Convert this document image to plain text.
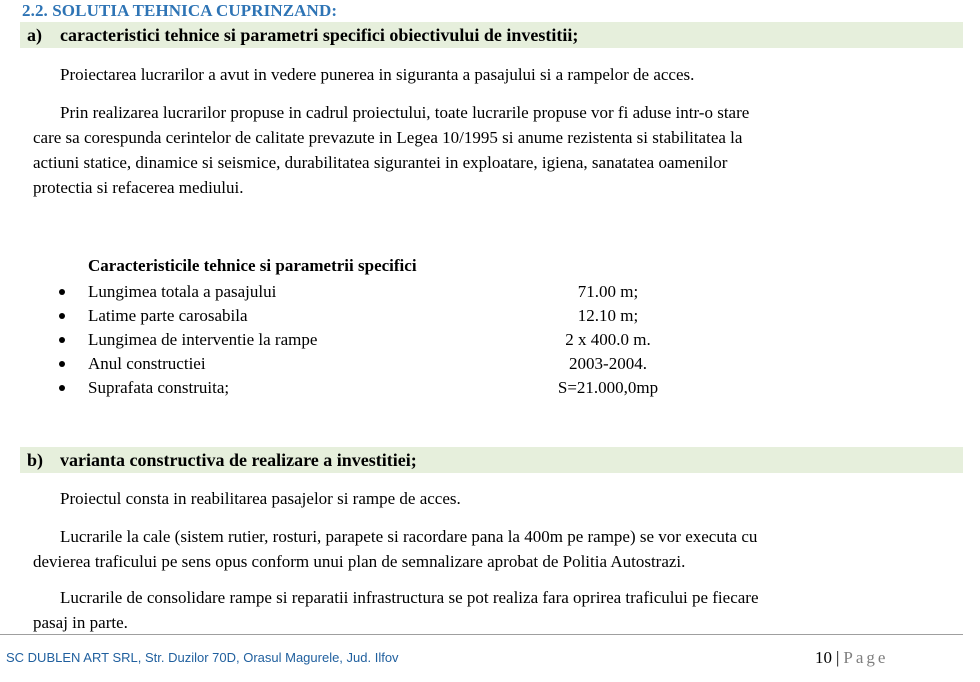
2.2. SOLUTIA TEHNICA CUPRINZAND:
a) caracteristici tehnice si parametri specifici obiectivului de investitii;
Proiectarea lucrarilor a avut in vedere punerea in siguranta a pasajului si a rampelor de acces.
Prin realizarea lucrarilor propuse in cadrul proiectului, toate lucrarile propuse vor fi aduse intr-o stare
care sa corespunda cerintelor de calitate prevazute in Legea 10/1995 si anume rezistenta si stabilitatea la
actiuni statice, dinamice si seismice, durabilitatea sigurantei in exploatare, igiena, sanatatea oamenilor
protectia si refacerea mediului.
Caracteristicile tehnice si parametrii specifici
Lungimea totala a pasajului	71.00 m;
Latime parte carosabila	12.10 m;
Lungimea de interventie la rampe	2 x 400.0 m.
Anul constructiei	2003-2004.
Suprafata construita;	S=21.000,0mp
b) varianta constructiva de realizare a investitiei;
Proiectul consta in reabilitarea pasajelor si rampe de acces.
Lucrarile la cale (sistem rutier, rosturi, parapete si racordare pana la 400m pe rampe) se vor executa cu
devierea traficului pe sens opus conform unui plan de semnalizare aprobat de Politia Autostrazi.
Lucrarile de consolidare rampe si reparatii infrastructura se pot realiza fara oprirea traficului pe fiecare
pasaj in parte.
SC DUBLEN ART SRL, Str. Duzilor 70D, Orasul Magurele, Jud. Ilfov	10 | Page
